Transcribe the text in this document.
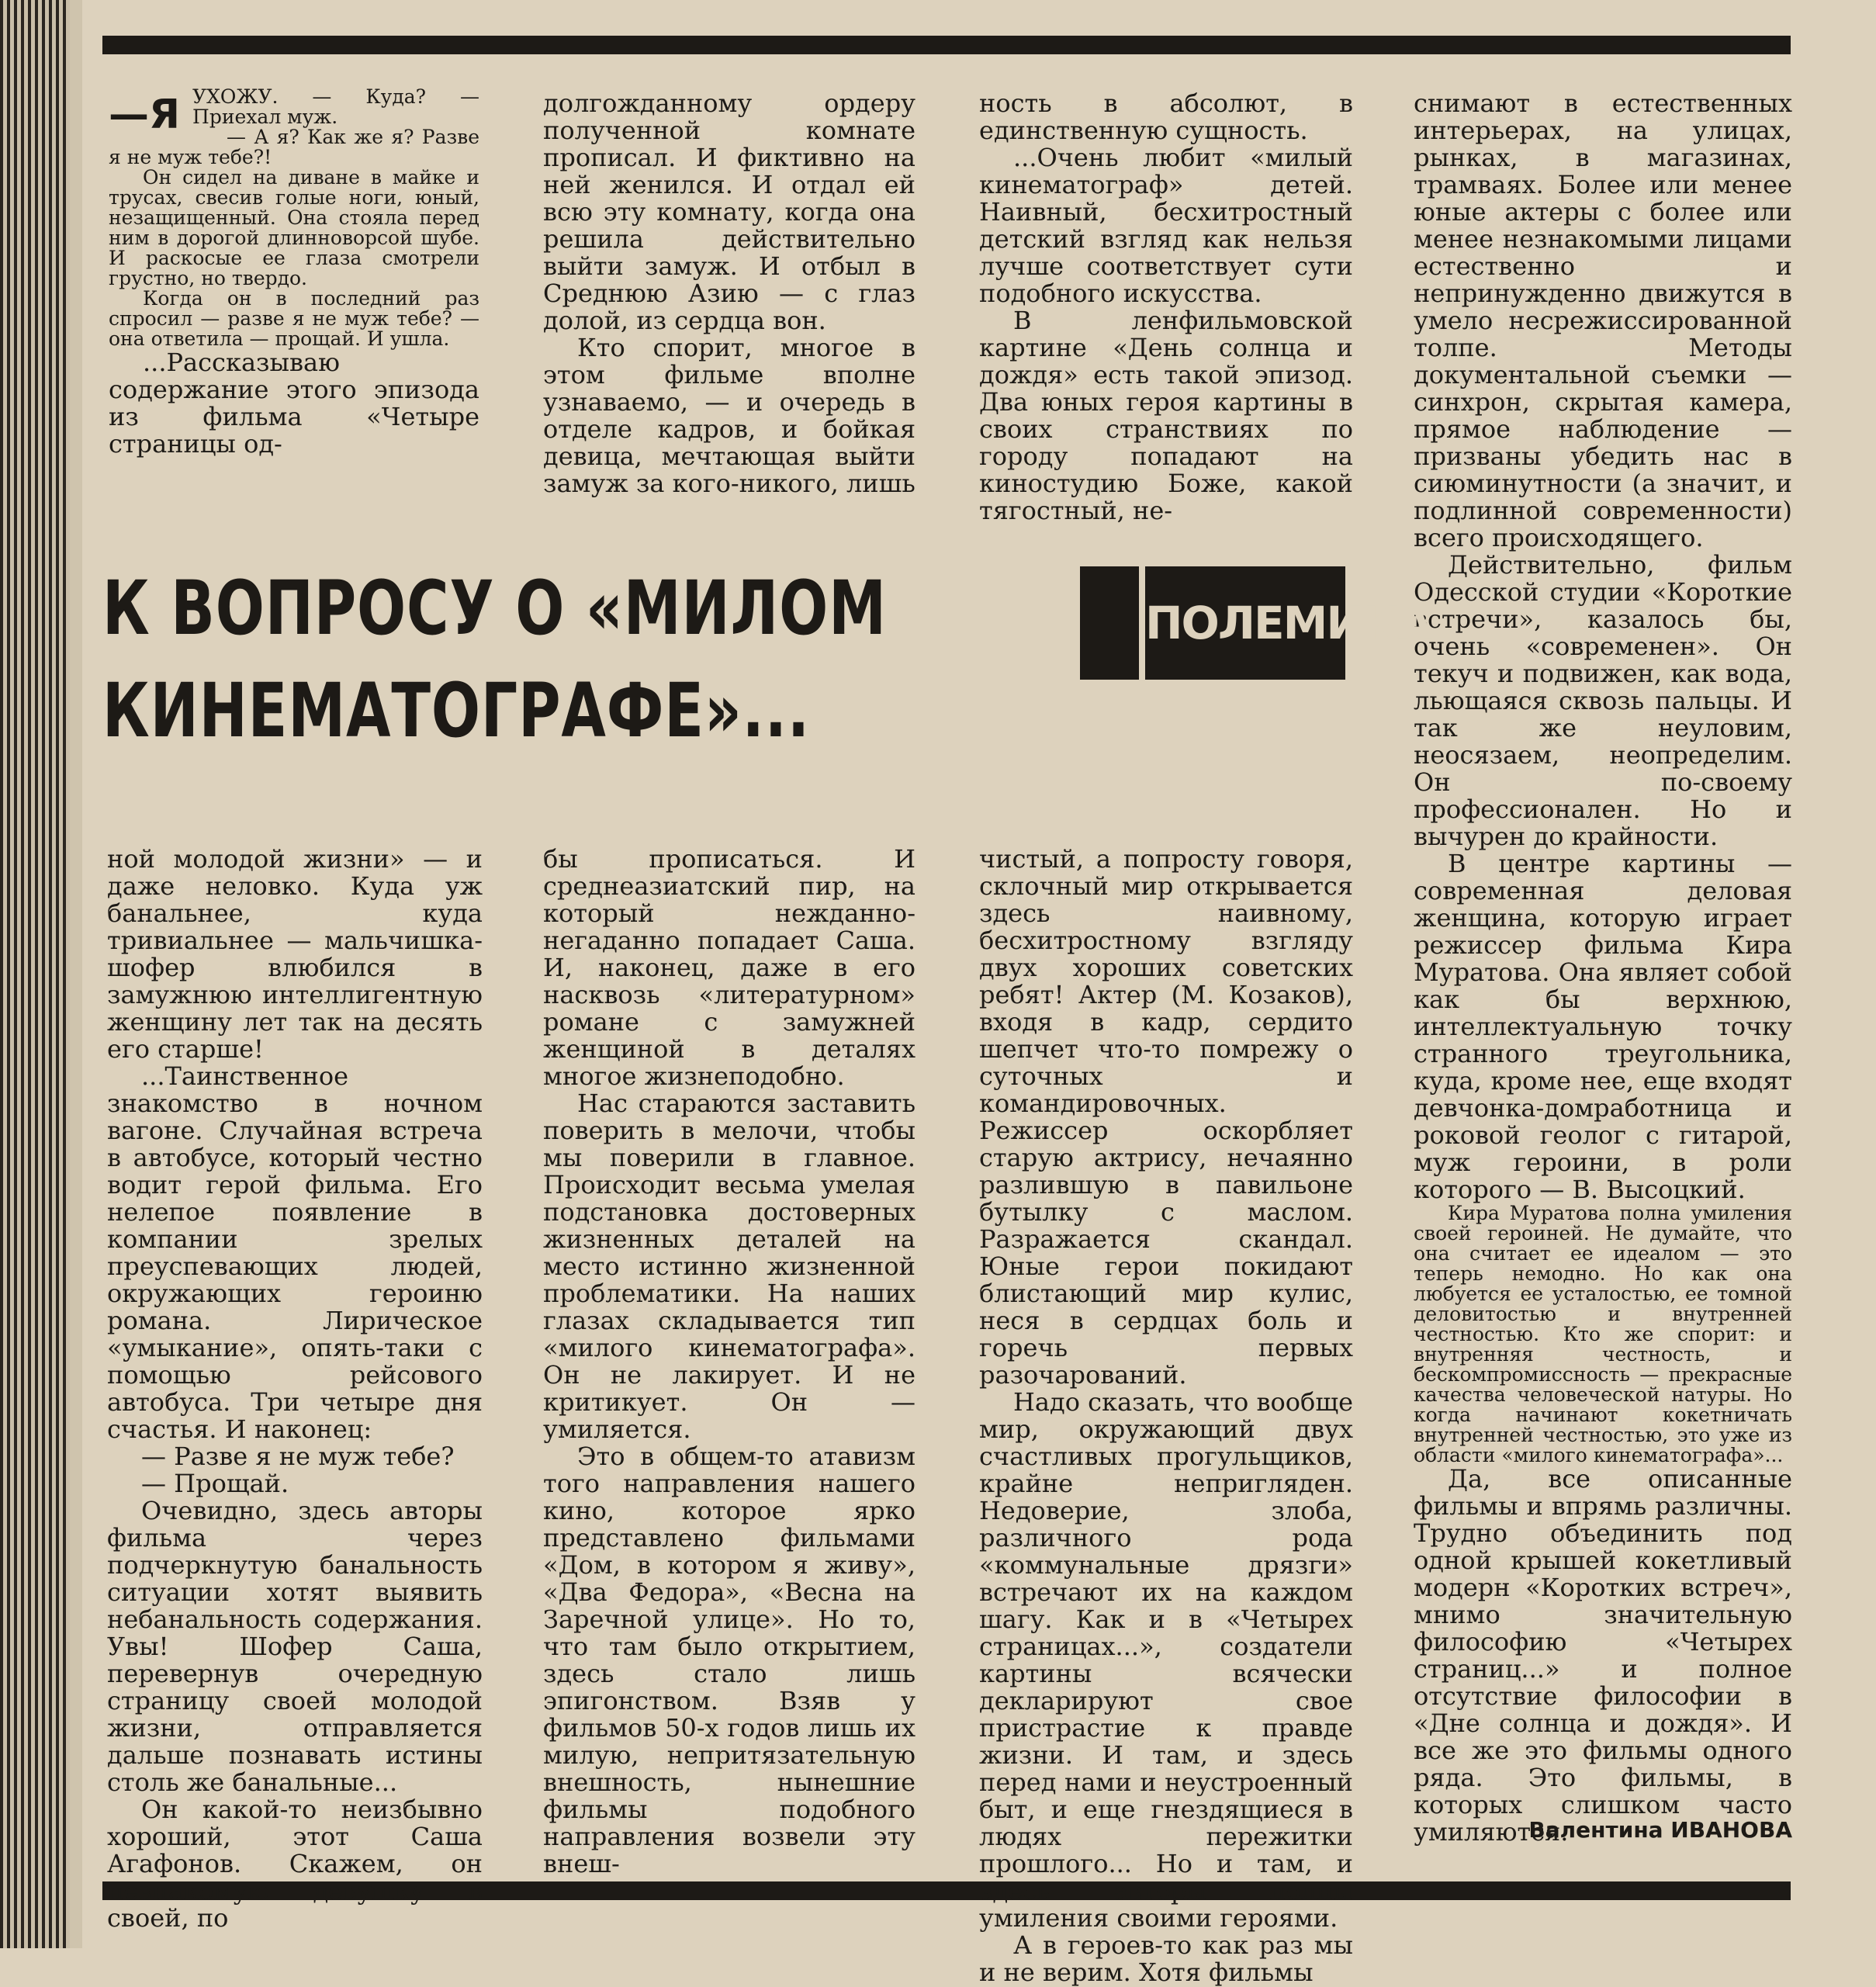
—Я УХОЖУ. — Куда? — Приехал муж.

— А я? Как же я? Разве я не муж тебе?!

Он сидел на диване в майке и трусах, свесив голые ноги, юный, незащищенный. Она стояла перед ним в дорогой длинноворсой шубе. И раскосые ее глаза смотрели грустно, но твердо.

Когда он в последний раз спросил — разве я не муж тебе? — она ответила — прощай. И ушла.

...Рассказываю содержание этого эпизода из фильма «Четыре страницы од-

долгожданному ордеру полученной комнате прописал. И фиктивно на ней женился. И отдал ей всю эту комнату, когда она решила действительно выйти замуж. И отбыл в Среднюю Азию — с глаз долой, из сердца вон.

Кто спорит, многое в этом фильме вполне узнаваемо, — и очередь в отделе кадров, и бойкая девица, мечтающая выйти замуж за кого-никого, лишь

ность в абсолют, в единственную сущность.

...Очень любит «милый кинематограф» детей. Наивный, бесхитростный детский взгляд как нельзя лучше соответствует сути подобного искусства.

В ленфильмовской картине «День солнца и дождя» есть такой эпизод. Два юных героя картины в своих странствиях по городу попадают на киностудию Боже, какой тягостный, не-

снимают в естественных интерьерах, на улицах, рынках, в магазинах, трамваях. Более или менее юные актеры с более или менее незнакомыми лицами естественно и непринужденно движутся в умело несрежиссированной толпе. Методы документальной съемки — синхрон, скрытая камера, прямое наблюдение — призваны убедить нас в сиюминутности (а значит, и подлинной современности) всего происходящего.

Действительно, фильм Одесской студии «Короткие встречи», казалось бы, очень «современен». Он текуч и подвижен, как вода, льющаяся сквозь пальцы. И так же неуловим, неосязаем, неопределим. Он по-своему профессионален. Но и вычурен до крайности.

В центре картины — современная деловая женщина, которую играет режиссер фильма Кира Муратова. Она являет собой как бы верхнюю, интеллектуальную точку странного треугольника, куда, кроме нее, еще входят девчонка-домработница и роковой геолог с гитарой, муж героини, в роли которого — В. Высоцкий.

Кира Муратова полна умиления своей героиней. Не думайте, что она считает ее идеалом — это теперь немодно. Но как она любуется ее усталостью, ее томной деловитостью и внутренней честностью. Кто же спорит: и внутренняя честность, и бескомпромиссность — прекрасные качества человеческой натуры. Но когда начинают кокетничать внутренней честностью, это уже из области «милого кинематографа»...

Да, все описанные фильмы и впрямь различны. Трудно объединить под одной крышей кокетливый модерн «Коротких встреч», мнимо значительную философию «Четырех страниц...» и полное отсутствие философии в «Дне солнца и дождя». И все же это фильмы одного ряда. Это фильмы, в которых слишком часто умиляются.

К ВОПРОСУ О «МИЛОМ
КИНЕМАТОГРАФЕ»...
ПОЛЕМИКА

ной молодой жизни» — и даже неловко. Куда уж банальнее, куда тривиальнее — мальчишка-шофер влюбился в замужнюю интеллигентную женщину лет так на десять его старше!

...Таинственное знакомство в ночном вагоне. Случайная встреча в автобусе, который честно водит герой фильма. Его нелепое появление в компании зрелых преуспевающих людей, окружающих героиню романа. Лирическое «умыкание», опять-таки с помощью рейсового автобуса. Три четыре дня счастья. И наконец:

— Разве я не муж тебе?

— Прощай.

Очевидно, здесь авторы фильма через подчеркнутую банальность ситуации хотят выявить небанальность содержания. Увы! Шофер Саша, перевернув очередную страницу своей молодой жизни, отправляется дальше познавать истины столь же банальные...

Он какой-то неизбывно хороший, этот Саша Агафонов. Скажем, он незнакомую девушку в своей, по

бы прописаться. И среднеазиатский пир, на который нежданно-негаданно попадает Саша. И, наконец, даже в его насквозь «литературном» романе с замужней женщиной в деталях многое жизнеподобно.

Нас стараются заставить поверить в мелочи, чтобы мы поверили в главное. Происходит весьма умелая подстановка достоверных жизненных деталей на место истинно жизненной проблематики. На наших глазах складывается тип «милого кинематографа». Он не лакирует. И не критикует. Он — умиляется.

Это в общем-то атавизм того направления нашего кино, которое ярко представлено фильмами «Дом, в котором я живу», «Два Федора», «Весна на Заречной улице». Но то, что там было открытием, здесь стало лишь эпигонством. Взяв у фильмов 50-х годов лишь их милую, непритязательную внешность, нынешние фильмы подобного направления возвели эту внеш-

чистый, а попросту говоря, склочный мир открывается здесь наивному, бесхитростному взгляду двух хороших советских ребят! Актер (М. Козаков), входя в кадр, сердито шепчет что-то помрежу о суточных и командировочных. Режиссер оскорбляет старую актрису, нечаянно разлившую в павильоне бутылку с маслом. Разражается скандал. Юные герои покидают блистающий мир кулис, неся в сердцах боль и горечь первых разочарований.

Надо сказать, что вообще мир, окружающий двух счастливых прогульщиков, крайне непригляден. Недоверие, злоба, различного рода «коммунальные дрязги» встречают их на каждом шагу. Как и в «Четырех страницах...», создатели картины всячески декларируют свое пристрастие к правде жизни. И там, и здесь перед нами и неустроенный быт, и еще гнездящиеся в людях пережитки прошлого... Но и там, и здесь авторы полны умиления своими героями.

А в героев-то как раз мы и не верим. Хотя фильмы

Валентина ИВАНОВА
